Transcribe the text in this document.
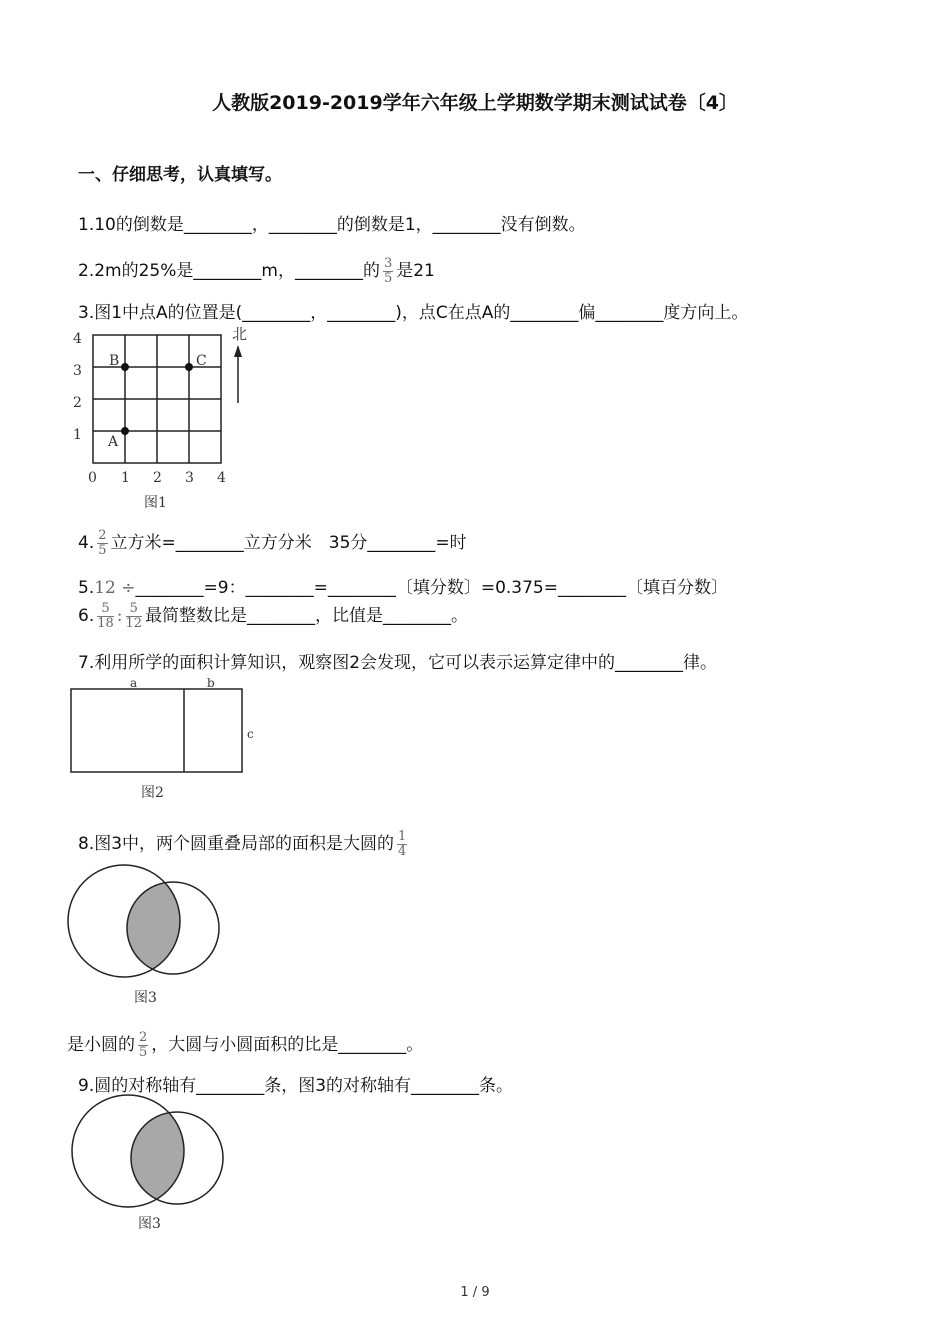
人教版2019-2019学年六年级上学期数学期末测试试卷〔4〕
一、仔细思考，认真填写。
1.10的倒数是________，________的倒数是1，________没有倒数。
2.2m的25%是________m，________的 $\frac{3}{5}$ 是21
3.图1中点A的位置是(________，________)，点C在点A的________偏________度方向上。
4
3
2
1
0 1 2 3 4
B	C
A
北
图1
4. $\frac{2}{5}$ 立方米=________立方分米　35分________=时
5.12 ÷________=9：________=________〔填分数〕=0.375=________〔填百分数〕
6. $\frac{5}{18}$ : $\frac{5}{12}$ 最简整数比是________，比值是________。
7.利用所学的面积计算知识，观察图2会发现，它可以表示运算定律中的________律。
a	b
c
图2
8.图3中，两个圆重叠局部的面积是大圆的 $\frac{1}{4}$
图3
是小圆的 $\frac{2}{5}$ ，大圆与小圆面积的比是________。
9.圆的对称轴有________条，图3的对称轴有________条。
图3
1 / 9
